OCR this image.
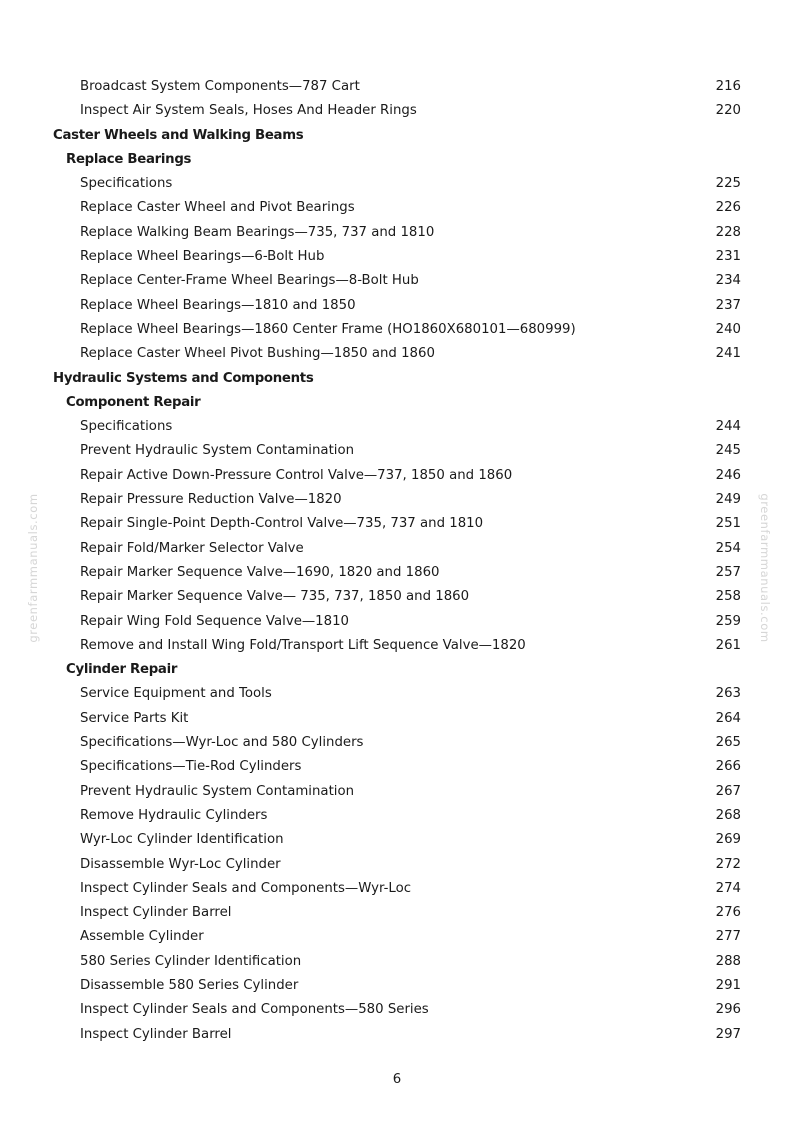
greenfarmmanuals.com	greenfarmmanuals.com
Broadcast System Components—787 Cart	216
Inspect Air System Seals, Hoses And Header Rings	220
Caster Wheels and Walking Beams
Replace Bearings
Specifications	225
Replace Caster Wheel and Pivot Bearings	226
Replace Walking Beam Bearings—735, 737 and 1810	228
Replace Wheel Bearings—6-Bolt Hub	231
Replace Center-Frame Wheel Bearings—8-Bolt Hub	234
Replace Wheel Bearings—1810 and 1850	237
Replace Wheel Bearings—1860 Center Frame (HO1860X680101—680999)	240
Replace Caster Wheel Pivot Bushing—1850 and 1860	241
Hydraulic Systems and Components
Component Repair
Specifications	244
Prevent Hydraulic System Contamination	245
Repair Active Down-Pressure Control Valve—737, 1850 and 1860	246
Repair Pressure Reduction Valve—1820	249
Repair Single-Point Depth-Control Valve—735, 737 and 1810	251
Repair Fold/Marker Selector Valve	254
Repair Marker Sequence Valve—1690, 1820 and 1860	257
Repair Marker Sequence Valve— 735, 737, 1850 and 1860	258
Repair Wing Fold Sequence Valve—1810	259
Remove and Install Wing Fold/Transport Lift Sequence Valve—1820	261
Cylinder Repair
Service Equipment and Tools	263
Service Parts Kit	264
Specifications—Wyr-Loc and 580 Cylinders	265
Specifications—Tie-Rod Cylinders	266
Prevent Hydraulic System Contamination	267
Remove Hydraulic Cylinders	268
Wyr-Loc Cylinder Identification	269
Disassemble Wyr-Loc Cylinder	272
Inspect Cylinder Seals and Components—Wyr-Loc	274
Inspect Cylinder Barrel	276
Assemble Cylinder	277
580 Series Cylinder Identification	288
Disassemble 580 Series Cylinder	291
Inspect Cylinder Seals and Components—580 Series	296
Inspect Cylinder Barrel	297
6
